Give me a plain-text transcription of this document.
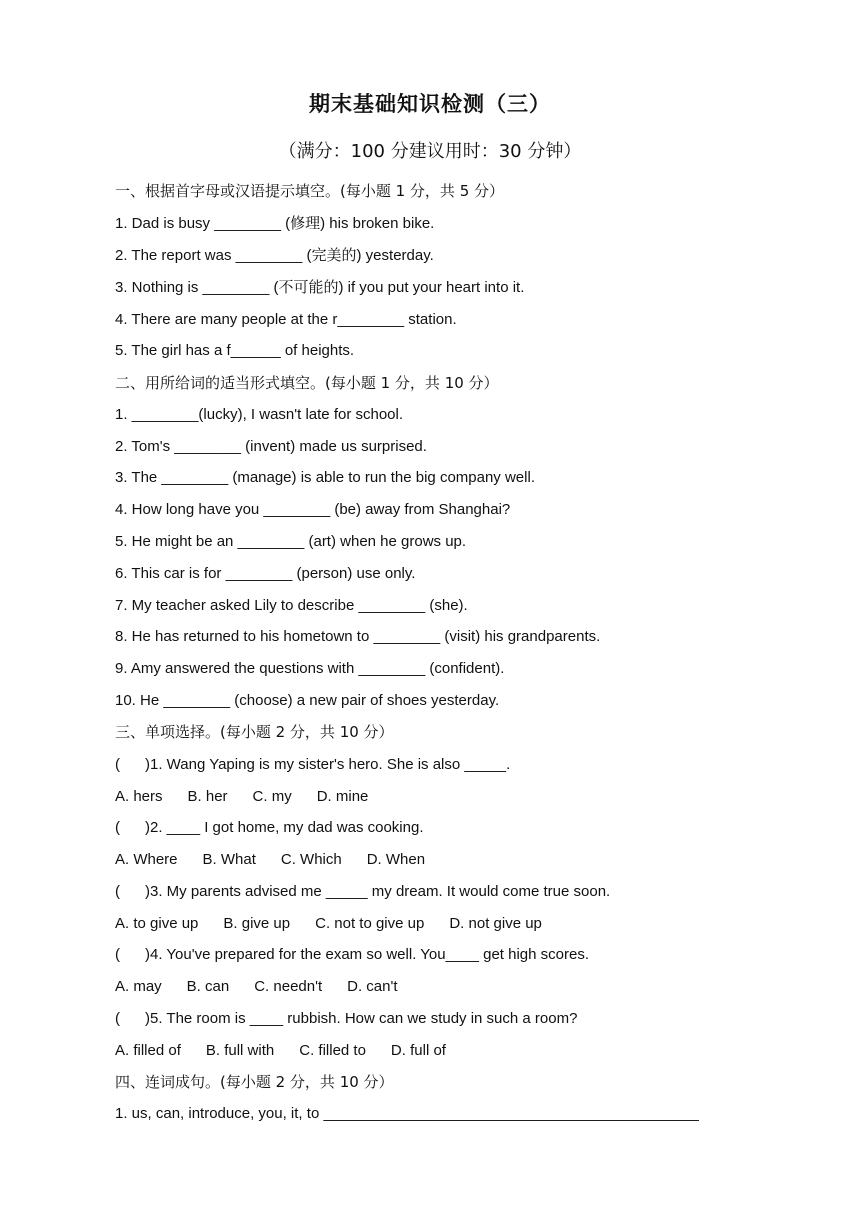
期末基础知识检测（三）
（满分：100 分建议用时：30 分钟）
一、根据首字母或汉语提示填空。(每小题 1 分，共 5 分）
1. Dad is busy ________ (修理) his broken bike.
2. The report was ________ (完美的) yesterday.
3. Nothing is ________ (不可能的) if you put your heart into it.
4. There are many people at the r________ station.
5. The girl has a f______ of heights.
二、用所给词的适当形式填空。(每小题 1 分，共 10 分）
1. ________(lucky), I wasn't late for school.
2. Tom's ________ (invent) made us surprised.
3. The ________ (manage) is able to run the big company well.
4. How long have you ________ (be) away from Shanghai?
5. He might be an ________ (art) when he grows up.
6. This car is for ________ (person) use only.
7. My teacher asked Lily to describe ________ (she).
8. He has returned to his hometown to ________ (visit) his grandparents.
9. Amy answered the questions with ________ (confident).
10. He ________ (choose) a new pair of shoes yesterday.
三、单项选择。(每小题 2 分，共 10 分）
(      )1. Wang Yaping is my sister's hero. She is also _____.
A. hers      B. her      C. my      D. mine
(      )2. ____ I got home, my dad was cooking.
A. Where      B. What      C. Which      D. When
(      )3. My parents advised me _____ my dream. It would come true soon.
A. to give up      B. give up      C. not to give up      D. not give up
(      )4. You've prepared for the exam so well. You____ get high scores.
A. may      B. can      C. needn't      D. can't
(      )5. The room is ____ rubbish. How can we study in such a room?
A. filled of      B. full with      C. filled to      D. full of
四、连词成句。(每小题 2 分，共 10 分）
1. us, can, introduce, you, it, to _____________________________________________
